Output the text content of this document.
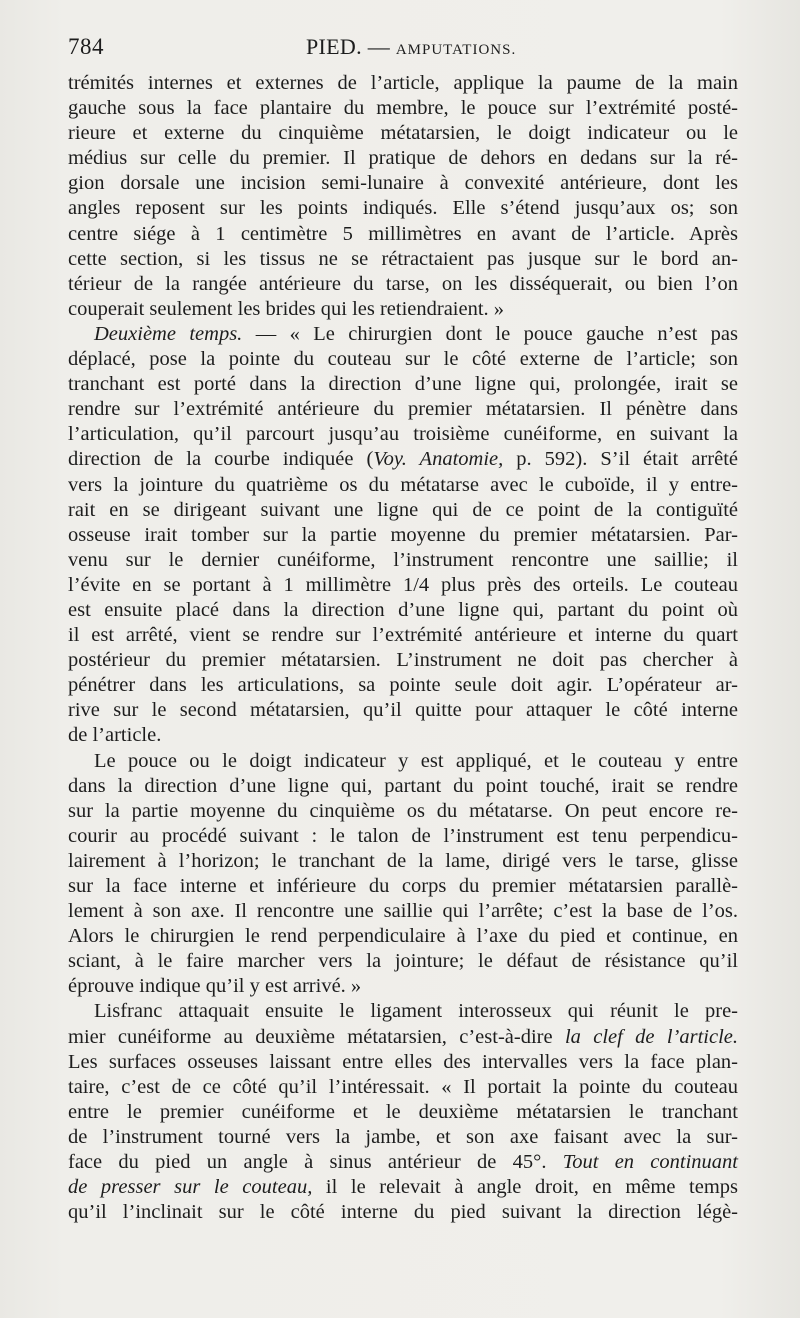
784	PIED. — AMPUTATIONS.
trémités internes et externes de l’article, applique la paume de la main
gauche sous la face plantaire du membre, le pouce sur l’extrémité posté-
rieure et externe du cinquième métatarsien, le doigt indicateur ou le
médius sur celle du premier. Il pratique de dehors en dedans sur la ré-
gion dorsale une incision semi-lunaire à convexité antérieure, dont les
angles reposent sur les points indiqués. Elle s’étend jusqu’aux os; son
centre siége à 1 centimètre 5 millimètres en avant de l’article. Après
cette section, si les tissus ne se rétractaient pas jusque sur le bord an-
térieur de la rangée antérieure du tarse, on les disséquerait, ou bien l’on
couperait seulement les brides qui les retiendraient. »
Deuxième temps. — « Le chirurgien dont le pouce gauche n’est pas
déplacé, pose la pointe du couteau sur le côté externe de l’article; son
tranchant est porté dans la direction d’une ligne qui, prolongée, irait se
rendre sur l’extrémité antérieure du premier métatarsien. Il pénètre dans
l’articulation, qu’il parcourt jusqu’au troisième cunéiforme, en suivant la
direction de la courbe indiquée (Voy. Anatomie, p. 592). S’il était arrêté
vers la jointure du quatrième os du métatarse avec le cuboïde, il y entre-
rait en se dirigeant suivant une ligne qui de ce point de la contiguïté
osseuse irait tomber sur la partie moyenne du premier métatarsien. Par-
venu sur le dernier cunéiforme, l’instrument rencontre une saillie; il
l’évite en se portant à 1 millimètre 1/4 plus près des orteils. Le couteau
est ensuite placé dans la direction d’une ligne qui, partant du point où
il est arrêté, vient se rendre sur l’extrémité antérieure et interne du quart
postérieur du premier métatarsien. L’instrument ne doit pas chercher à
pénétrer dans les articulations, sa pointe seule doit agir. L’opérateur ar-
rive sur le second métatarsien, qu’il quitte pour attaquer le côté interne
de l’article.
Le pouce ou le doigt indicateur y est appliqué, et le couteau y entre
dans la direction d’une ligne qui, partant du point touché, irait se rendre
sur la partie moyenne du cinquième os du métatarse. On peut encore re-
courir au procédé suivant : le talon de l’instrument est tenu perpendicu-
lairement à l’horizon; le tranchant de la lame, dirigé vers le tarse, glisse
sur la face interne et inférieure du corps du premier métatarsien parallè-
lement à son axe. Il rencontre une saillie qui l’arrête; c’est la base de l’os.
Alors le chirurgien le rend perpendiculaire à l’axe du pied et continue, en
sciant, à le faire marcher vers la jointure; le défaut de résistance qu’il
éprouve indique qu’il y est arrivé. »
Lisfranc attaquait ensuite le ligament interosseux qui réunit le pre-
mier cunéiforme au deuxième métatarsien, c’est-à-dire la clef de l’article.
Les surfaces osseuses laissant entre elles des intervalles vers la face plan-
taire, c’est de ce côté qu’il l’intéressait. « Il portait la pointe du couteau
entre le premier cunéiforme et le deuxième métatarsien le tranchant
de l’instrument tourné vers la jambe, et son axe faisant avec la sur-
face du pied un angle à sinus antérieur de 45°. Tout en continuant
de presser sur le couteau, il le relevait à angle droit, en même temps
qu’il l’inclinait sur le côté interne du pied suivant la direction légè-
